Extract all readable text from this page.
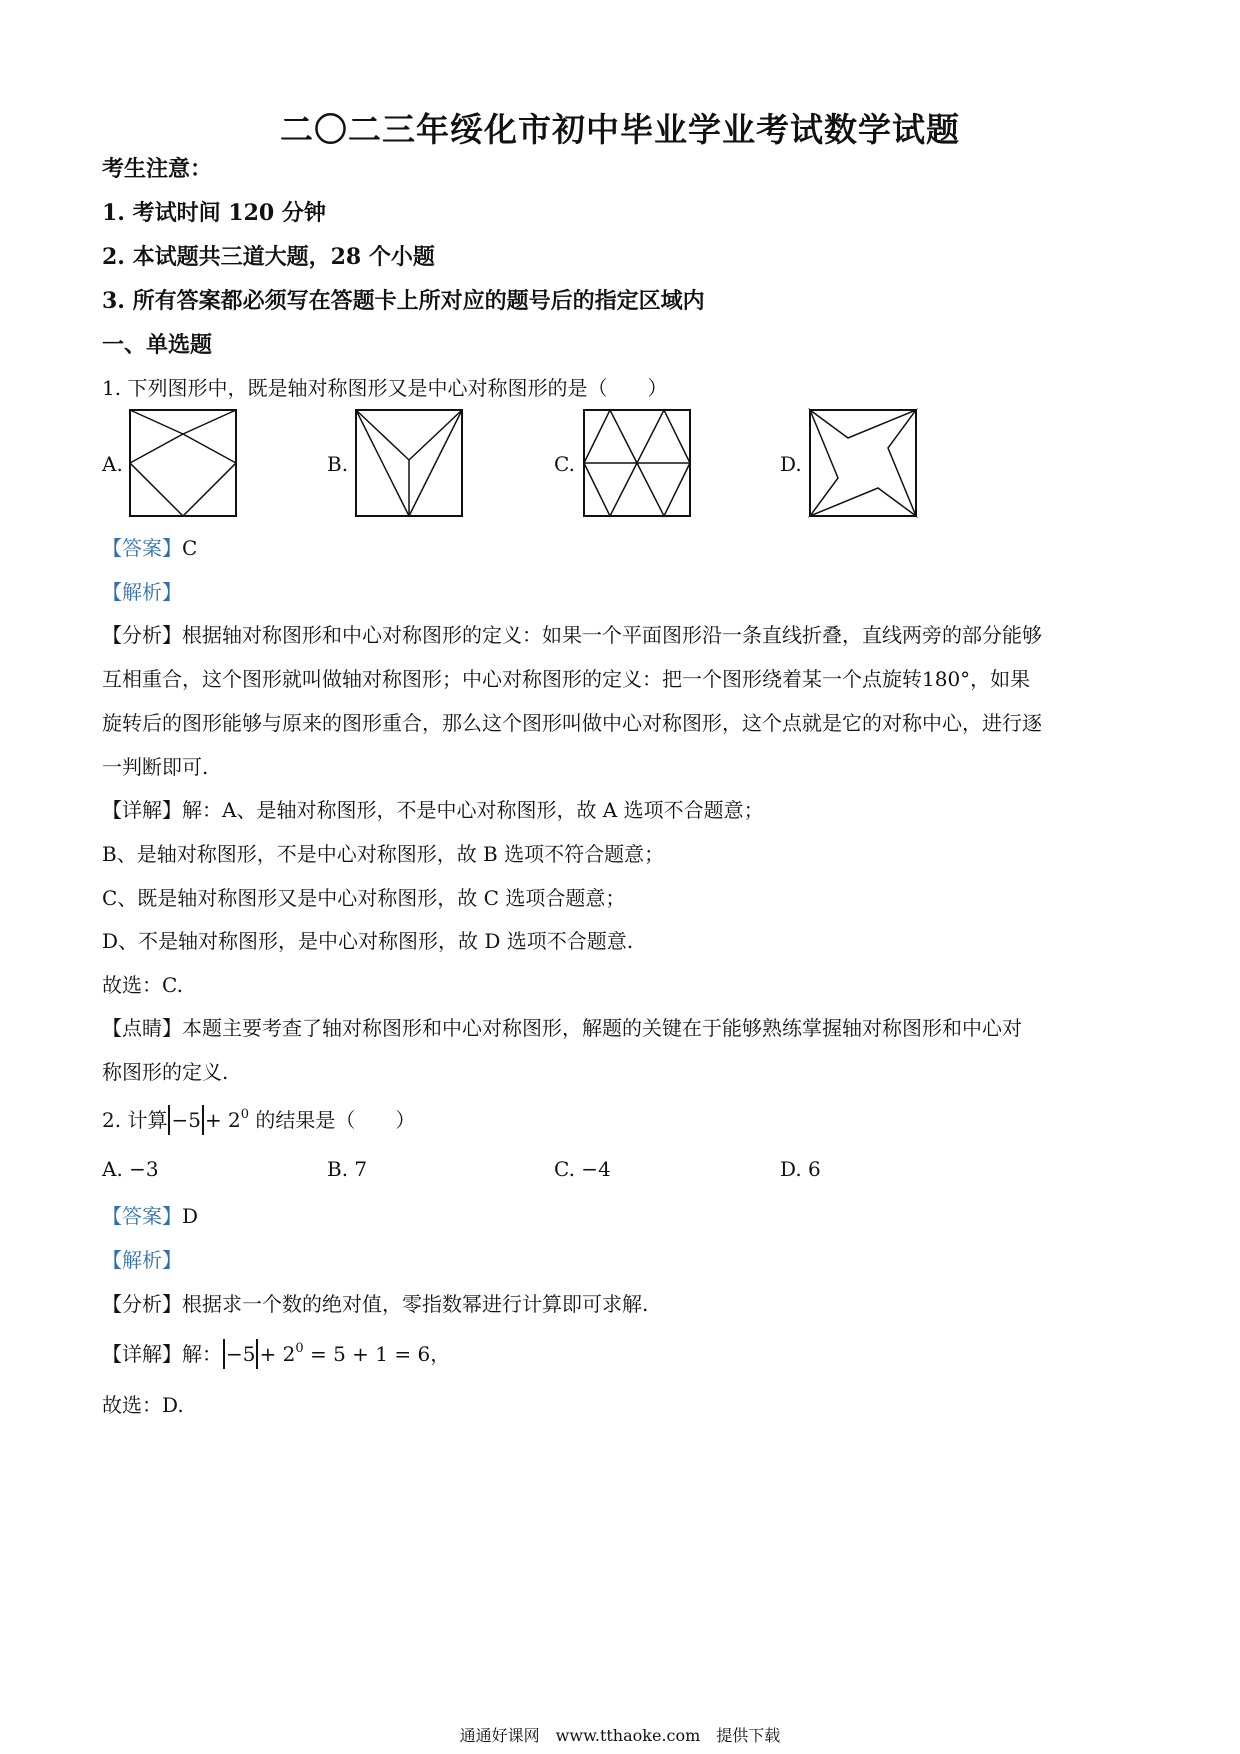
二〇二三年绥化市初中毕业学业考试数学试题
考生注意：
1. 考试时间 120 分钟
2. 本试题共三道大题，28 个小题
3. 所有答案都必须写在答题卡上所对应的题号后的指定区域内
一、单选题
1. 下列图形中，既是轴对称图形又是中心对称图形的是（　　）
A.	B.	C.	D.
【答案】C
【解析】
【分析】根据轴对称图形和中心对称图形的定义：如果一个平面图形沿一条直线折叠，直线两旁的部分能够
互相重合，这个图形就叫做轴对称图形；中心对称图形的定义：把一个图形绕着某一个点旋转180°，如果
旋转后的图形能够与原来的图形重合，那么这个图形叫做中心对称图形，这个点就是它的对称中心，进行逐
一判断即可.
【详解】解：A、是轴对称图形，不是中心对称图形，故 A 选项不合题意；
B、是轴对称图形，不是中心对称图形，故 B 选项不符合题意；
C、既是轴对称图形又是中心对称图形，故 C 选项合题意；
D、不是轴对称图形，是中心对称图形，故 D 选项不合题意.
故选：C.
【点睛】本题主要考查了轴对称图形和中心对称图形，解题的关键在于能够熟练掌握轴对称图形和中心对
称图形的定义.
2. 计算 $-5 + 2^0$ 的结果是（　　）
A. −3	B. 7	C. −4	D. 6
【答案】D
【解析】
【分析】根据求一个数的绝对值，零指数幂进行计算即可求解.
【详解】解： $-5 + 2^0 = 5 + 1 = 6$，
故选：D.
通通好课网　www.tthaoke.com　提供下载
